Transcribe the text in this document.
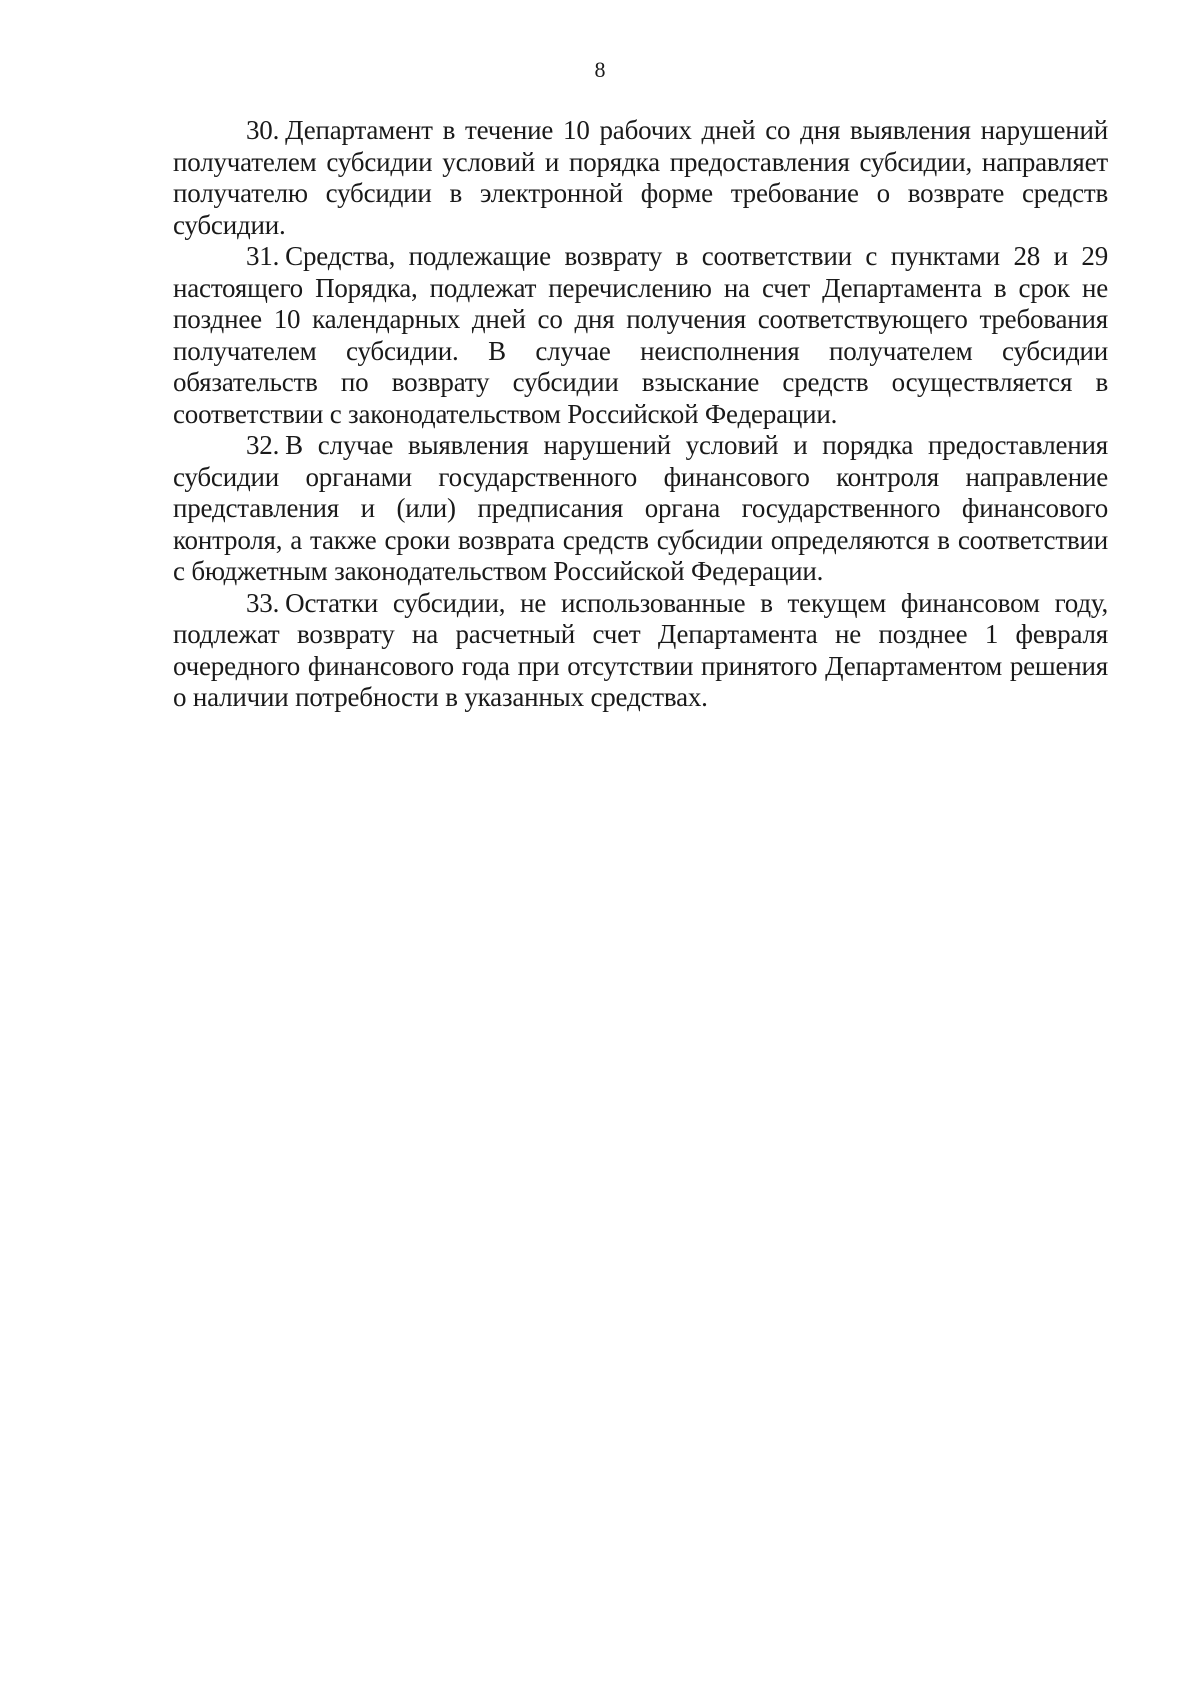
8

30. Департамент в течение 10 рабочих дней со дня выявления нарушений получателем субсидии условий и порядка предоставления субсидии, направляет получателю субсидии в электронной форме требование о возврате средств субсидии.

31. Средства, подлежащие возврату в соответствии с пунктами 28 и 29 настоящего Порядка, подлежат перечислению на счет Департамента в срок не позднее 10 календарных дней со дня получения соответствующего требования получателем субсидии. В случае неисполнения получателем субсидии обязательств по возврату субсидии взыскание средств осуществляется в соответствии с законодательством Российской Федерации.

32. В случае выявления нарушений условий и порядка предоставления субсидии органами государственного финансового контроля направление представления и (или) предписания органа государственного финансового контроля, а также сроки возврата средств субсидии определяются в соответствии с бюджетным законодательством Российской Федерации.

33. Остатки субсидии, не использованные в текущем финансовом году, подлежат возврату на расчетный счет Департамента не позднее 1 февраля очередного финансового года при отсутствии принятого Департаментом решения о наличии потребности в указанных средствах.
